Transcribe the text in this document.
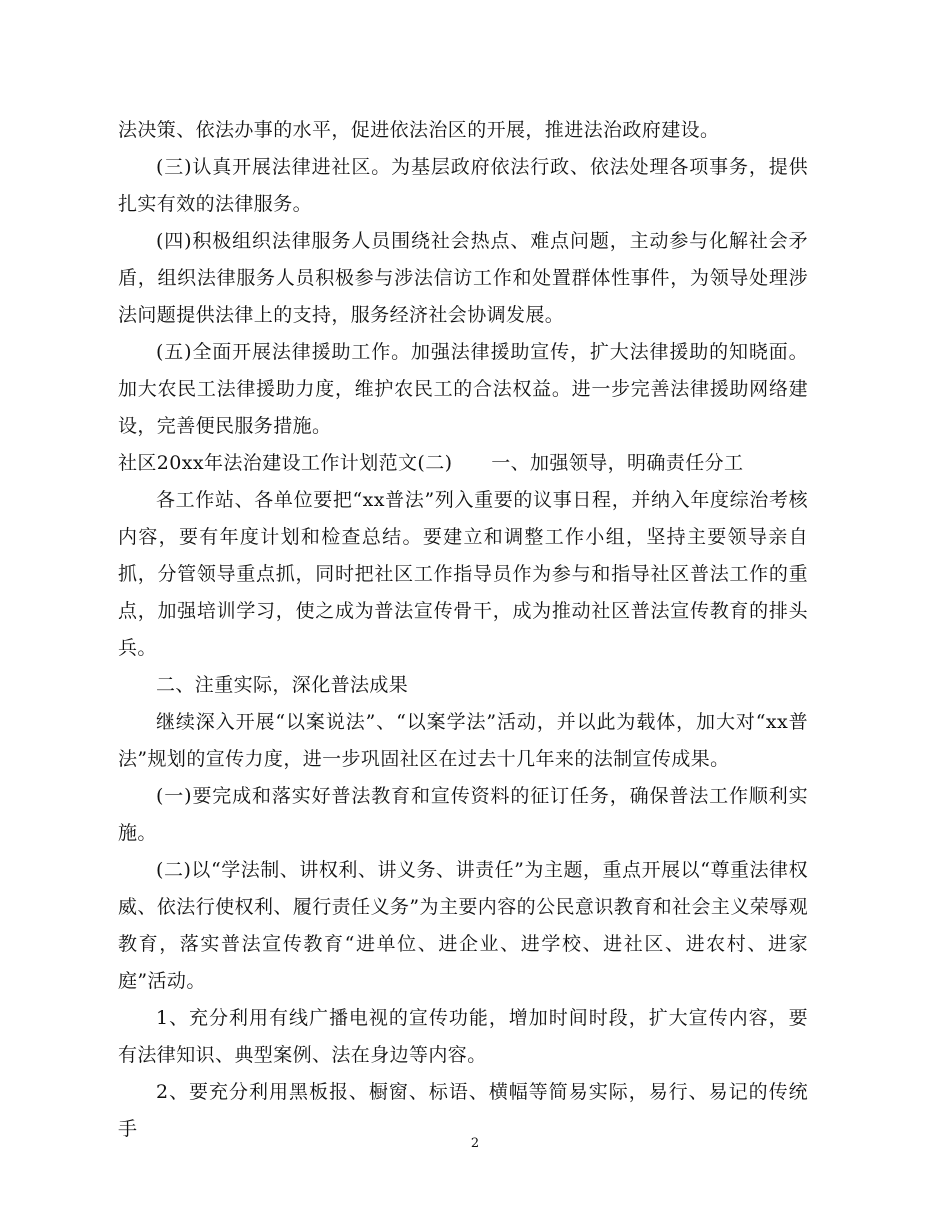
法决策、依法办事的水平，促进依法治区的开展，推进法治政府建设。

(三)认真开展法律进社区。为基层政府依法行政、依法处理各项事务，提供扎实有效的法律服务。

(四)积极组织法律服务人员围绕社会热点、难点问题，主动参与化解社会矛盾，组织法律服务人员积极参与涉法信访工作和处置群体性事件，为领导处理涉法问题提供法律上的支持，服务经济社会协调发展。

(五)全面开展法律援助工作。加强法律援助宣传，扩大法律援助的知晓面。加大农民工法律援助力度，维护农民工的合法权益。进一步完善法律援助网络建设，完善便民服务措施。

社区20xx年法治建设工作计划范文(二)　　一、加强领导，明确责任分工

各工作站、各单位要把“xx普法”列入重要的议事日程，并纳入年度综治考核内容，要有年度计划和检查总结。要建立和调整工作小组，坚持主要领导亲自抓，分管领导重点抓，同时把社区工作指导员作为参与和指导社区普法工作的重点，加强培训学习，使之成为普法宣传骨干，成为推动社区普法宣传教育的排头兵。

二、注重实际，深化普法成果

继续深入开展“以案说法”、“以案学法”活动，并以此为载体，加大对“xx普法”规划的宣传力度，进一步巩固社区在过去十几年来的法制宣传成果。

(一)要完成和落实好普法教育和宣传资料的征订任务，确保普法工作顺利实施。

(二)以“学法制、讲权利、讲义务、讲责任”为主题，重点开展以“尊重法律权威、依法行使权利、履行责任义务”为主要内容的公民意识教育和社会主义荣辱观教育，落实普法宣传教育“进单位、进企业、进学校、进社区、进农村、进家庭”活动。

1、充分利用有线广播电视的宣传功能，增加时间时段，扩大宣传内容，要有法律知识、典型案例、法在身边等内容。

2、要充分利用黑板报、橱窗、标语、横幅等简易实际，易行、易记的传统手

2
